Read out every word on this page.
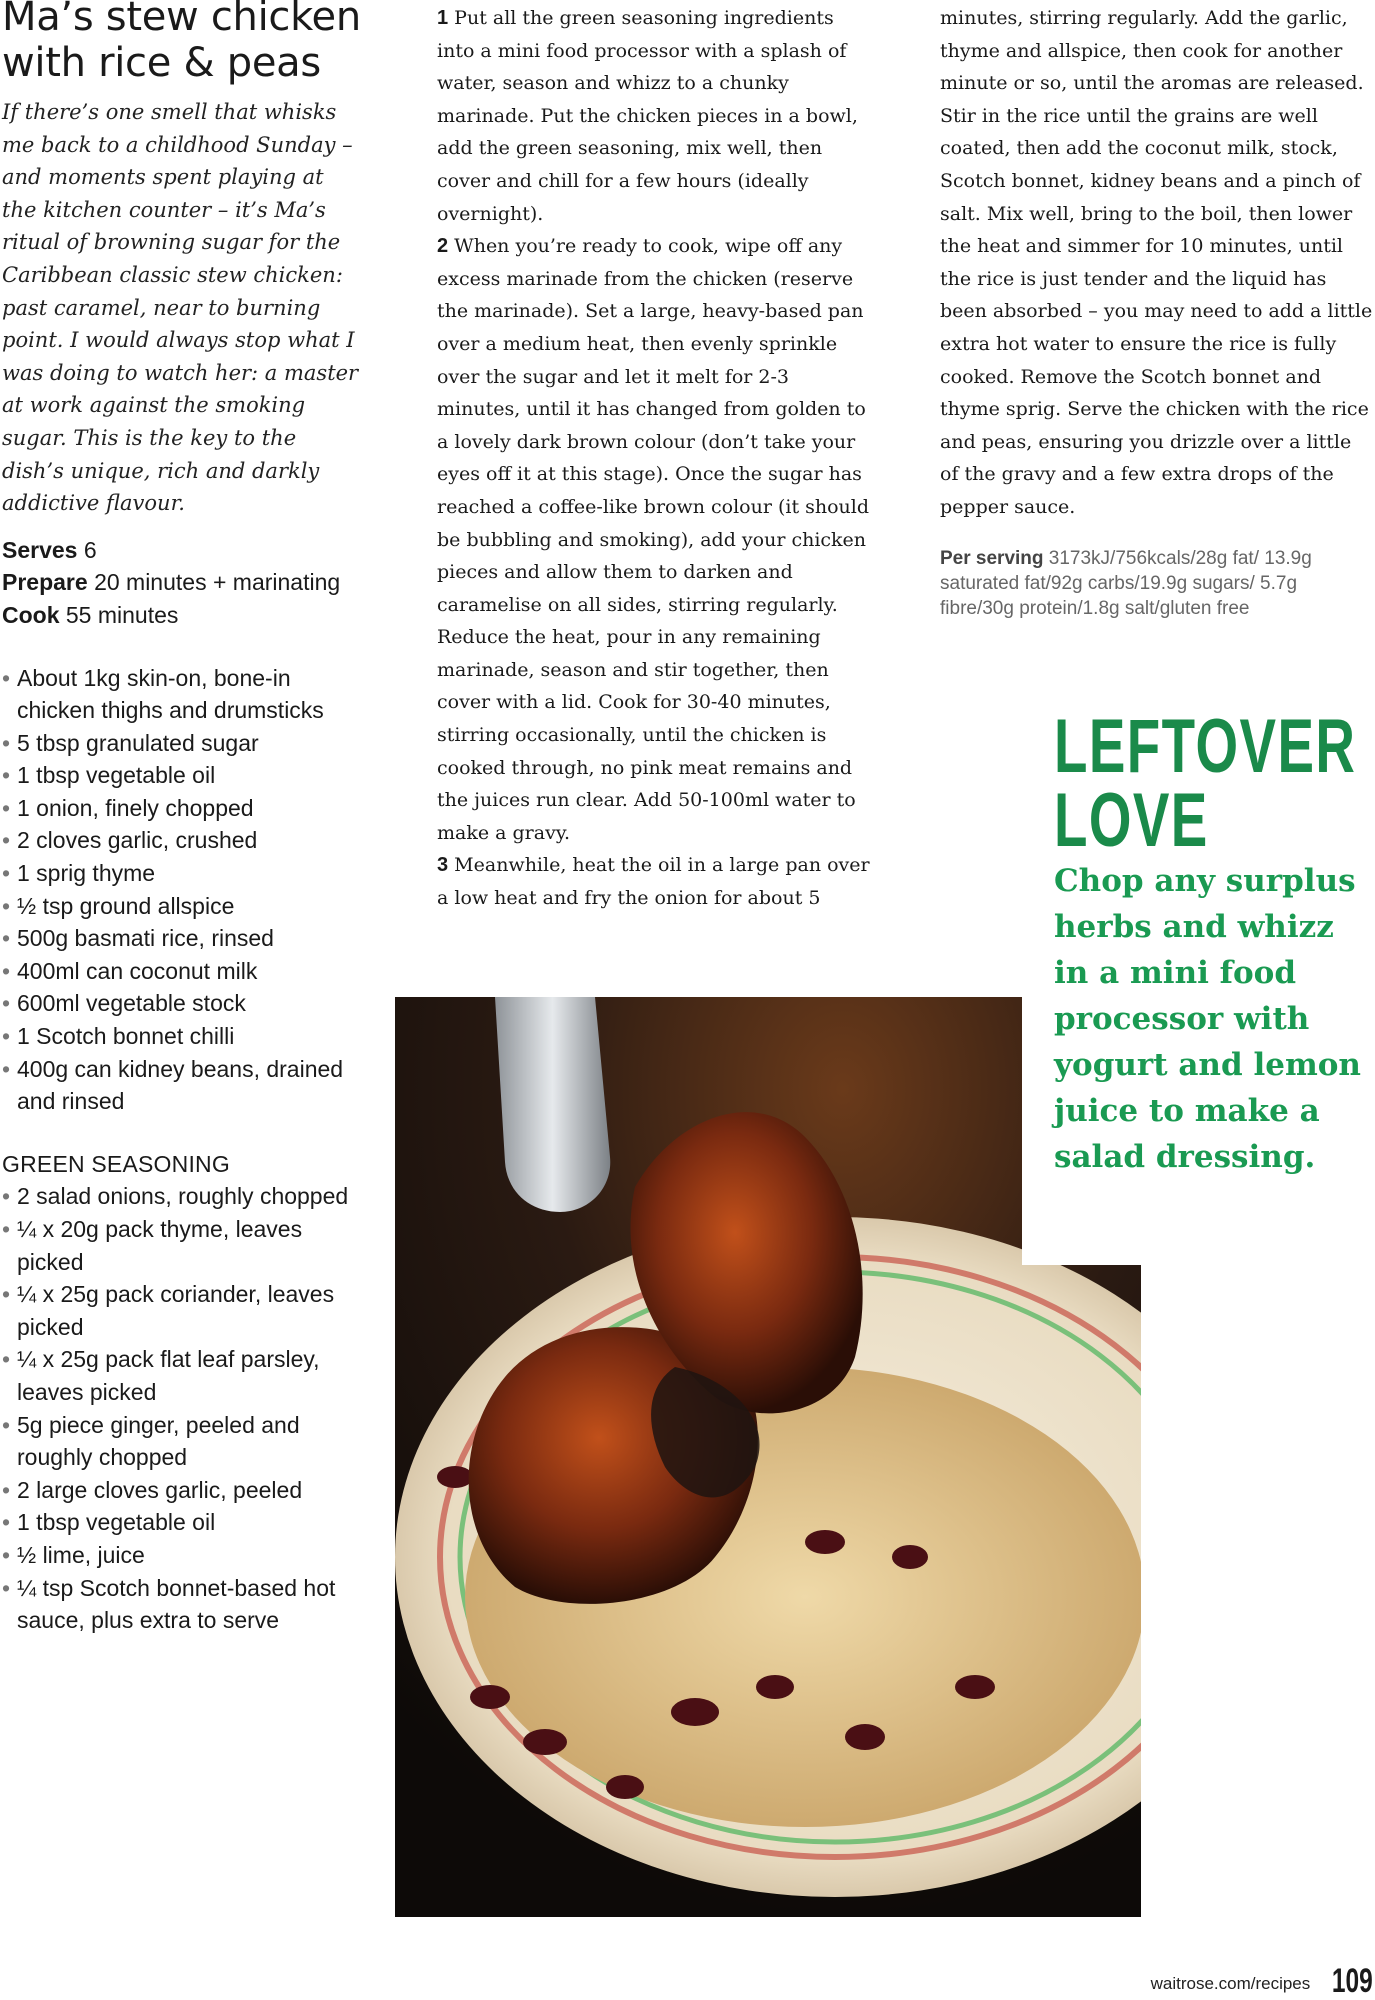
Ma’s stew chicken
with rice & peas

If there’s one smell that whisks me back to a childhood Sunday – and moments spent playing at the kitchen counter – it’s Ma’s ritual of browning sugar for the Caribbean classic stew chicken: past caramel, near to burning point. I would always stop what I was doing to watch her: a master at work against the smoking sugar. This is the key to the dish’s unique, rich and darkly addictive flavour.

Serves 6
Prepare 20 minutes + marinating
Cook 55 minutes
• About 1kg skin-on, bone-in chicken thighs and drumsticks
• 5 tbsp granulated sugar
• 1 tbsp vegetable oil
• 1 onion, finely chopped
• 2 cloves garlic, crushed
• 1 sprig thyme
• ½ tsp ground allspice
• 500g basmati rice, rinsed
• 400ml can coconut milk
• 600ml vegetable stock
• 1 Scotch bonnet chilli
• 400g can kidney beans, drained and rinsed
GREEN SEASONING
• 2 salad onions, roughly chopped
• ¼ x 20g pack thyme, leaves picked
• ¼ x 25g pack coriander, leaves picked
• ¼ x 25g pack flat leaf parsley, leaves picked
• 5g piece ginger, peeled and roughly chopped
• 2 large cloves garlic, peeled
• 1 tbsp vegetable oil
• ½ lime, juice
• ¼ tsp Scotch bonnet-based hot sauce, plus extra to serve

1 Put all the green seasoning ingredients into a mini food processor with a splash of water, season and whizz to a chunky marinade. Put the chicken pieces in a bowl, add the green seasoning, mix well, then cover and chill for a few hours (ideally overnight).

2 When you’re ready to cook, wipe off any excess marinade from the chicken (reserve the marinade). Set a large, heavy-based pan over a medium heat, then evenly sprinkle over the sugar and let it melt for 2-3 minutes, until it has changed from golden to a lovely dark brown colour (don’t take your eyes off it at this stage). Once the sugar has reached a coffee-like brown colour (it should be bubbling and smoking), add your chicken pieces and allow them to darken and caramelise on all sides, stirring regularly. Reduce the heat, pour in any remaining marinade, season and stir together, then cover with a lid. Cook for 30-40 minutes, stirring occasionally, until the chicken is cooked through, no pink meat remains and the juices run clear. Add 50-100ml water to make a gravy.

3 Meanwhile, heat the oil in a large pan over a low heat and fry the onion for about 5

minutes, stirring regularly. Add the garlic, thyme and allspice, then cook for another minute or so, until the aromas are released. Stir in the rice until the grains are well coated, then add the coconut milk, stock, Scotch bonnet, kidney beans and a pinch of salt. Mix well, bring to the boil, then lower the heat and simmer for 10 minutes, until the rice is just tender and the liquid has been absorbed – you may need to add a little extra hot water to ensure the rice is fully cooked. Remove the Scotch bonnet and thyme sprig. Serve the chicken with the rice and peas, ensuring you drizzle over a little of the gravy and a few extra drops of the pepper sauce.

Per serving 3173kJ/756kcals/28g fat/ 13.9g saturated fat/92g carbs/19.9g sugars/ 5.7g fibre/30g protein/1.8g salt/gluten free
LEFTOVER
LOVE
Chop any surplus herbs and whizz in a mini food processor with yogurt and lemon juice to make a salad dressing.
waitrose.com/recipes 109
